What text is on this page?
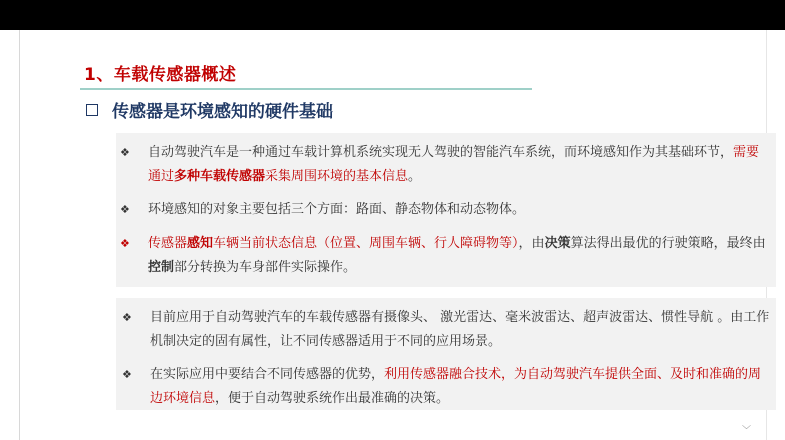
1、车载传感器概述
传感器是环境感知的硬件基础
❖	自动驾驶汽车是一种通过车载计算机系统实现无人驾驶的智能汽车系统，而环境感知作为其基础环节，需要通过多种车载传感器采集周围环境的基本信息。
❖	环境感知的对象主要包括三个方面：路面、静态物体和动态物体。
❖	传感器感知车辆当前状态信息（位置、周围车辆、行人障碍物等），由决策算法得出最优的行驶策略，最终由控制部分转换为车身部件实际操作。
❖	目前应用于自动驾驶汽车的车载传感器有摄像头、 激光雷达、毫米波雷达、超声波雷达、惯性导航 。由工作机制决定的固有属性，让不同传感器适用于不同的应用场景。
❖	在实际应用中要结合不同传感器的优势，利用传感器融合技术，为自动驾驶汽车提供全面、及时和准确的周边环境信息，便于自动驾驶系统作出最准确的决策。
﹀
